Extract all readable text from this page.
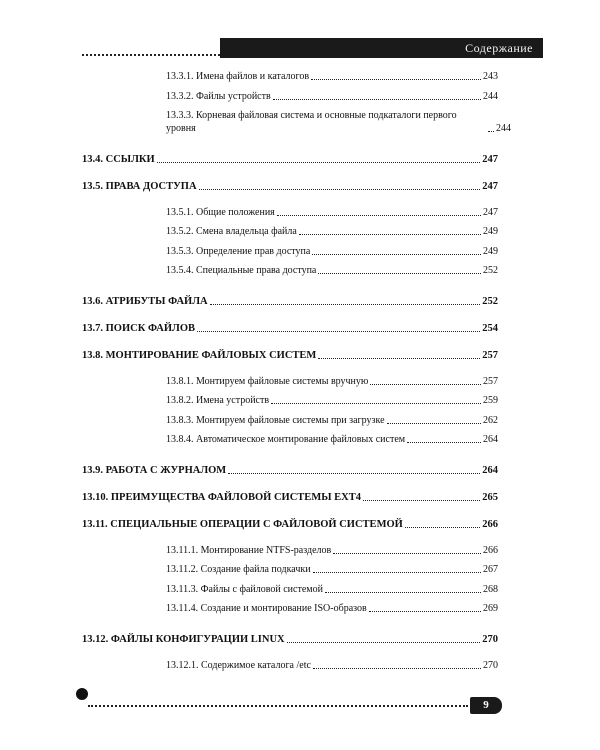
Содержание
13.3.1. Имена файлов и каталогов	243
13.3.2. Файлы устройств	244
13.3.3. Корневая файловая система и основные подкаталоги первого уровня	244
13.4. ССЫЛКИ	247
13.5. ПРАВА ДОСТУПА	247
13.5.1. Общие положения	247
13.5.2. Смена владельца файла	249
13.5.3. Определение прав доступа	249
13.5.4. Специальные права доступа	252
13.6. АТРИБУТЫ ФАЙЛА	252
13.7. ПОИСК ФАЙЛОВ	254
13.8. МОНТИРОВАНИЕ ФАЙЛОВЫХ СИСТЕМ	257
13.8.1. Монтируем файловые системы вручную	257
13.8.2. Имена устройств	259
13.8.3. Монтируем файловые системы при загрузке	262
13.8.4. Автоматическое монтирование файловых систем	264
13.9. РАБОТА С ЖУРНАЛОМ	264
13.10. ПРЕИМУЩЕСТВА ФАЙЛОВОЙ СИСТЕМЫ EXT4	265
13.11. СПЕЦИАЛЬНЫЕ ОПЕРАЦИИ С ФАЙЛОВОЙ СИСТЕМОЙ	266
13.11.1. Монтирование NTFS-разделов	266
13.11.2. Создание файла подкачки	267
13.11.3. Файлы с файловой системой	268
13.11.4. Создание и монтирование ISO-образов	269
13.12. ФАЙЛЫ КОНФИГУРАЦИИ LINUX	270
13.12.1. Содержимое каталога /etc	270
9
